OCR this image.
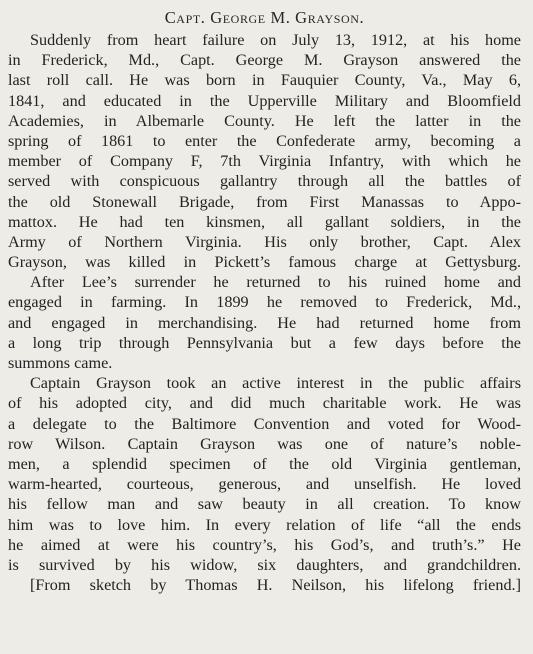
Capt. George M. Grayson.
Suddenly from heart failure on July 13, 1912, at his home
in Frederick, Md., Capt. George M. Grayson answered the
last roll call. He was born in Fauquier County, Va., May 6,
1841, and educated in the Upperville Military and Bloomfield
Academies, in Albemarle County. He left the latter in the
spring of 1861 to enter the Confederate army, becoming a
member of Company F, 7th Virginia Infantry, with which he
served with conspicuous gallantry through all the battles of
the old Stonewall Brigade, from First Manassas to Appo-
mattox. He had ten kinsmen, all gallant soldiers, in the
Army of Northern Virginia. His only brother, Capt. Alex
Grayson, was killed in Pickett’s famous charge at Gettysburg.
After Lee’s surrender he returned to his ruined home and
engaged in farming. In 1899 he removed to Frederick, Md.,
and engaged in merchandising. He had returned home from
a long trip through Pennsylvania but a few days before the
summons came.
Captain Grayson took an active interest in the public affairs
of his adopted city, and did much charitable work. He was
a delegate to the Baltimore Convention and voted for Wood-
row Wilson. Captain Grayson was one of nature’s noble-
men, a splendid specimen of the old Virginia gentleman,
warm-hearted, courteous, generous, and unselfish. He loved
his fellow man and saw beauty in all creation. To know
him was to love him. In every relation of life “all the ends
he aimed at were his country’s, his God’s, and truth’s.” He
is survived by his widow, six daughters, and grandchildren.
[From sketch by Thomas H. Neilson, his lifelong friend.]
